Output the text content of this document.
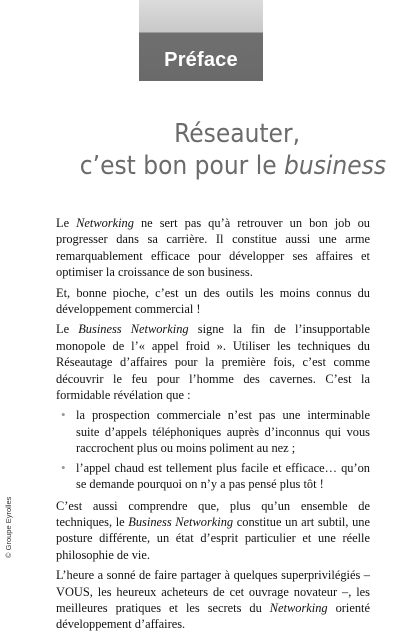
Préface
Réseauter,
c’est bon pour le business

Le Networking ne sert pas qu’à retrouver un bon job ou progresser dans sa carrière. Il constitue aussi une arme remarquablement efficace pour développer ses affaires et optimiser la croissance de son business.

Et, bonne pioche, c’est un des outils les moins connus du développement commercial !

Le Business Networking signe la fin de l’insupportable monopole de l’« appel froid ». Utiliser les techniques du Réseautage d’affaires pour la première fois, c’est comme découvrir le feu pour l’homme des cavernes. C’est la formidable révélation que :

• la prospection commerciale n’est pas une interminable suite d’appels téléphoniques auprès d’inconnus qui vous raccrochent plus ou moins poliment au nez ;
• l’appel chaud est tellement plus facile et efficace… qu’on se demande pourquoi on n’y a pas pensé plus tôt !

C’est aussi comprendre que, plus qu’un ensemble de techniques, le Business Networking constitue un art subtil, une posture différente, un état d’esprit particulier et une réelle philosophie de vie.

L’heure a sonné de faire partager à quelques superprivilégiés – VOUS, les heureux acheteurs de cet ouvrage novateur –, les meilleures pratiques et les secrets du Networking orienté développement d’affaires.

© Groupe Eyrolles
